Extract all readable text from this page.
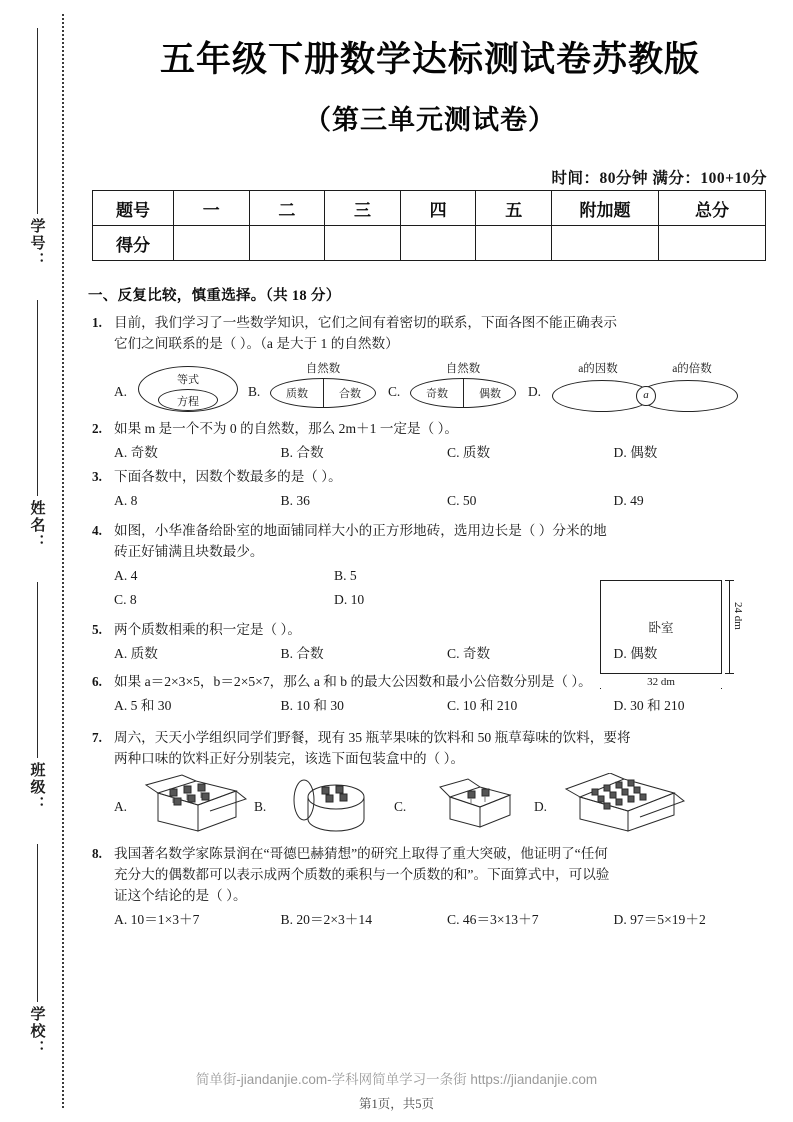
学号：
姓名：
班级：
学校：
五年级下册数学达标测试卷苏教版
（第三单元测试卷）
时间：80分钟 满分：100+10分
题号	一	二	三	四	五	附加题	总分
得分							
一、反复比较，慎重选择。（共 18 分）
1. 目前，我们学习了一些数学知识，它们之间有着密切的联系，下面各图不能正确表示
它们之间联系的是（ ）。（a 是大于 1 的自然数）
A.
等式
方程
B.
自然数
质数	合数	C.
自然数
奇数	偶数	D.
a的因数	a的倍数
a
2. 如果 m 是一个不为 0 的自然数，那么 2m＋1 一定是（ ）。
A. 奇数	B. 合数	C. 质数	D. 偶数
3. 下面各数中，因数个数最多的是（ ）。
A. 8	B. 36	C. 50	D. 49
4. 如图，小华准备给卧室的地面铺同样大小的正方形地砖，选用边长是（ ）分米的地
砖正好铺满且块数最少。
A. 4	B. 5
C. 8	D. 10
5. 两个质数相乘的积一定是（ ）。
A. 质数	B. 合数	C. 奇数	D. 偶数
6. 如果 a＝2×3×5，b＝2×5×7，那么 a 和 b 的最大公因数和最小公倍数分别是（ ）。
A. 5 和 30	B. 10 和 30	C. 10 和 210	D. 30 和 210
7. 周六，天天小学组织同学们野餐，现有 35 瓶苹果味的饮料和 50 瓶草莓味的饮料，要将
两种口味的饮料正好分别装完，该选下面包装盒中的（ ）。
A.	B.	C.	D.
8. 我国著名数学家陈景润在“哥德巴赫猜想”的研究上取得了重大突破，他证明了“任何
充分大的偶数都可以表示成两个质数的乘积与一个质数的和”。下面算式中，可以验
证这个结论的是（ ）。
A. 10＝1×3＋7	B. 20＝2×3＋14	C. 46＝3×13＋7	D. 97＝5×19＋2
卧室	24 dm
32 dm
简单街-jiandanjie.com-学科网简单学习一条街 https://jiandanjie.com
第1页，共5页
